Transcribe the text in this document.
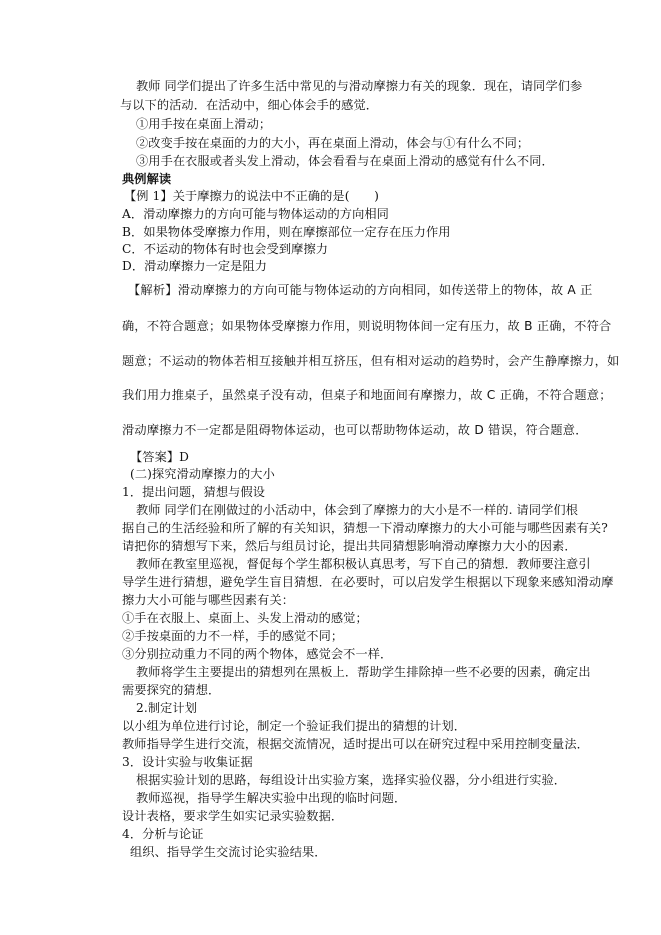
教师 同学们提出了许多生活中常见的与滑动摩擦力有关的现象．现在，请同学们参
与以下的活动．在活动中，细心体会手的感觉．
①用手按在桌面上滑动；
②改变手按在桌面的力的大小，再在桌面上滑动，体会与①有什么不同；
③用手在衣服或者头发上滑动，体会看看与在桌面上滑动的感觉有什么不同．
典例解读
【例 1】关于摩擦力的说法中不正确的是(　　)
A．滑动摩擦力的方向可能与物体运动的方向相同
B．如果物体受摩擦力作用，则在摩擦部位一定存在压力作用
C．不运动的物体有时也会受到摩擦力
D．滑动摩擦力一定是阻力
【解析】滑动摩擦力的方向可能与物体运动的方向相同，如传送带上的物体，故 A 正
确，不符合题意；如果物体受摩擦力作用，则说明物体间一定有压力，故 B 正确，不符合
题意；不运动的物体若相互接触并相互挤压，但有相对运动的趋势时，会产生静摩擦力，如
我们用力推桌子，虽然桌子没有动，但桌子和地面间有摩擦力，故 C 正确，不符合题意；
滑动摩擦力不一定都是阻碍物体运动，也可以帮助物体运动，故 D 错误，符合题意．
【答案】D
(二)探究滑动摩擦力的大小
1．提出问题，猜想与假设
教师 同学们在刚做过的小活动中，体会到了摩擦力的大小是不一样的. 请同学们根
据自己的生活经验和所了解的有关知识，猜想一下滑动摩擦力的大小可能与哪些因素有关?
请把你的猜想写下来，然后与组员讨论，提出共同猜想影响滑动摩擦力大小的因素．
教师在教室里巡视，督促每个学生都积极认真思考，写下自己的猜想．教师要注意引
导学生进行猜想，避免学生盲目猜想．在必要时，可以启发学生根据以下现象来感知滑动摩
擦力大小可能与哪些因素有关：
①手在衣服上、桌面上、头发上滑动的感觉；
②手按桌面的力不一样，手的感觉不同；
③分别拉动重力不同的两个物体，感觉会不一样．
教师将学生主要提出的猜想列在黑板上．帮助学生排除掉一些不必要的因素，确定出
需要探究的猜想．
2.制定计划
以小组为单位进行讨论，制定一个验证我们提出的猜想的计划．
教师指导学生进行交流，根据交流情况，适时提出可以在研究过程中采用控制变量法．
3．设计实验与收集证据
根据实验计划的思路，每组设计出实验方案，选择实验仪器，分小组进行实验．
教师巡视，指导学生解决实验中出现的临时问题．
设计表格，要求学生如实记录实验数据．
4．分析与论证
组织、指导学生交流讨论实验结果．
